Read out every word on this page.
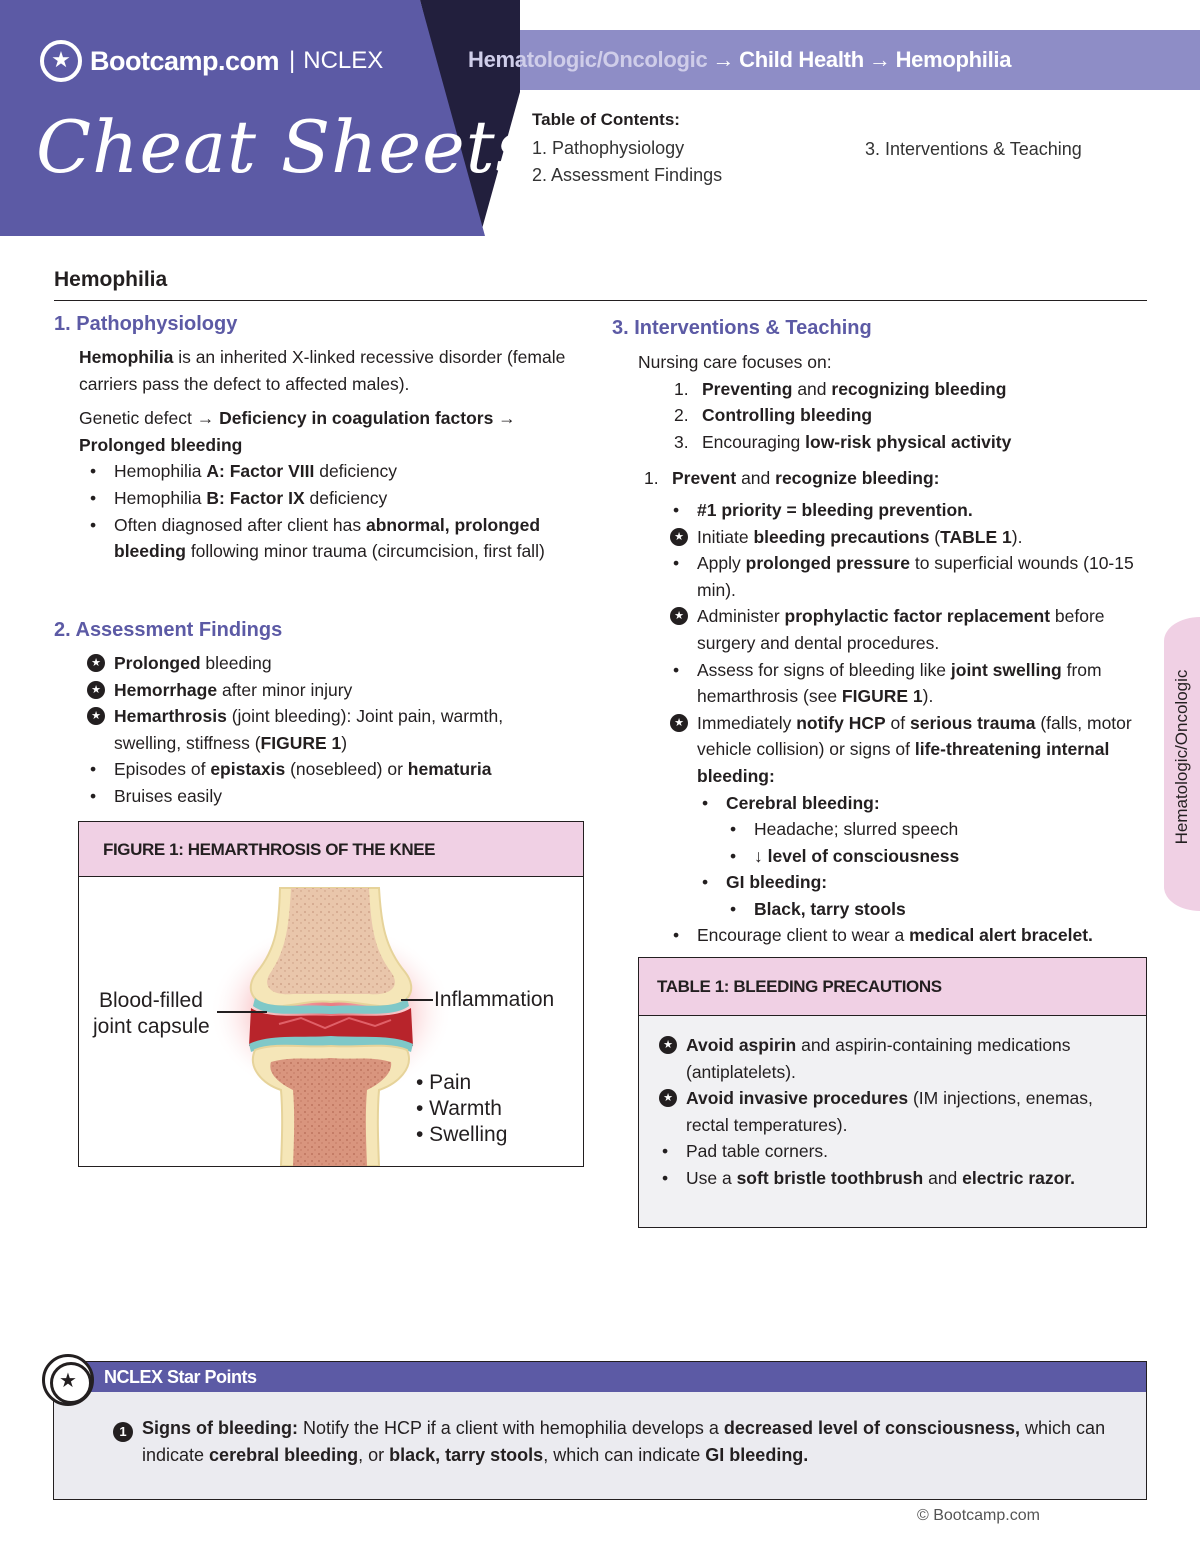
★ Bootcamp.com | NCLEX
Cheat Sheets
Hematologic/Oncologic → Child Health → Hemophilia
Table of Contents:
1. Pathophysiology
2. Assessment Findings
3. Interventions & Teaching
Hemophilia
Hematologic/Oncologic
1. Pathophysiology

Hemophilia is an inherited X-linked recessive disorder (female carriers pass the defect to affected males).

Genetic defect → Deficiency in coagulation factors → Prolonged bleeding

• Hemophilia A: Factor VIII deficiency

• Hemophilia B: Factor IX deficiency

• Often diagnosed after client has abnormal, prolonged bleeding following minor trauma (circumcision, first fall)

2. Assessment Findings

★ Prolonged bleeding

★ Hemorrhage after minor injury

★ Hemarthrosis (joint bleeding): Joint pain, warmth, swelling, stiffness (FIGURE 1)

• Episodes of epistaxis (nosebleed) or hematuria

• Bruises easily

FIGURE 1: HEMARTHROSIS OF THE KNEE
Blood-filled
joint capsule
Inflammation
• Pain
• Warmth
• Swelling
3. Interventions & Teaching

Nursing care focuses on:

1. Preventing and recognizing bleeding

2. Controlling bleeding

3. Encouraging low-risk physical activity

1. Prevent and recognize bleeding:

• #1 priority = bleeding prevention.

★ Initiate bleeding precautions (TABLE 1).

• Apply prolonged pressure to superficial wounds (10-15 min).

★ Administer prophylactic factor replacement before surgery and dental procedures.

• Assess for signs of bleeding like joint swelling from hemarthrosis (see FIGURE 1).

★ Immediately notify HCP of serious trauma (falls, motor vehicle collision) or signs of life-threatening internal bleeding:

• Cerebral bleeding:

• Headache; slurred speech

• ↓ level of consciousness

• GI bleeding:

• Black, tarry stools

• Encourage client to wear a medical alert bracelet.

TABLE 1: BLEEDING PRECAUTIONS

★ Avoid aspirin and aspirin-containing medications (antiplatelets).

★ Avoid invasive procedures (IM injections, enemas, rectal temperatures).

• Pad table corners.

• Use a soft bristle toothbrush and electric razor.

NCLEX Star Points
★
1 Signs of bleeding: Notify the HCP if a client with hemophilia develops a decreased level of consciousness, which can indicate cerebral bleeding, or black, tarry stools, which can indicate GI bleeding.

© Bootcamp.com
